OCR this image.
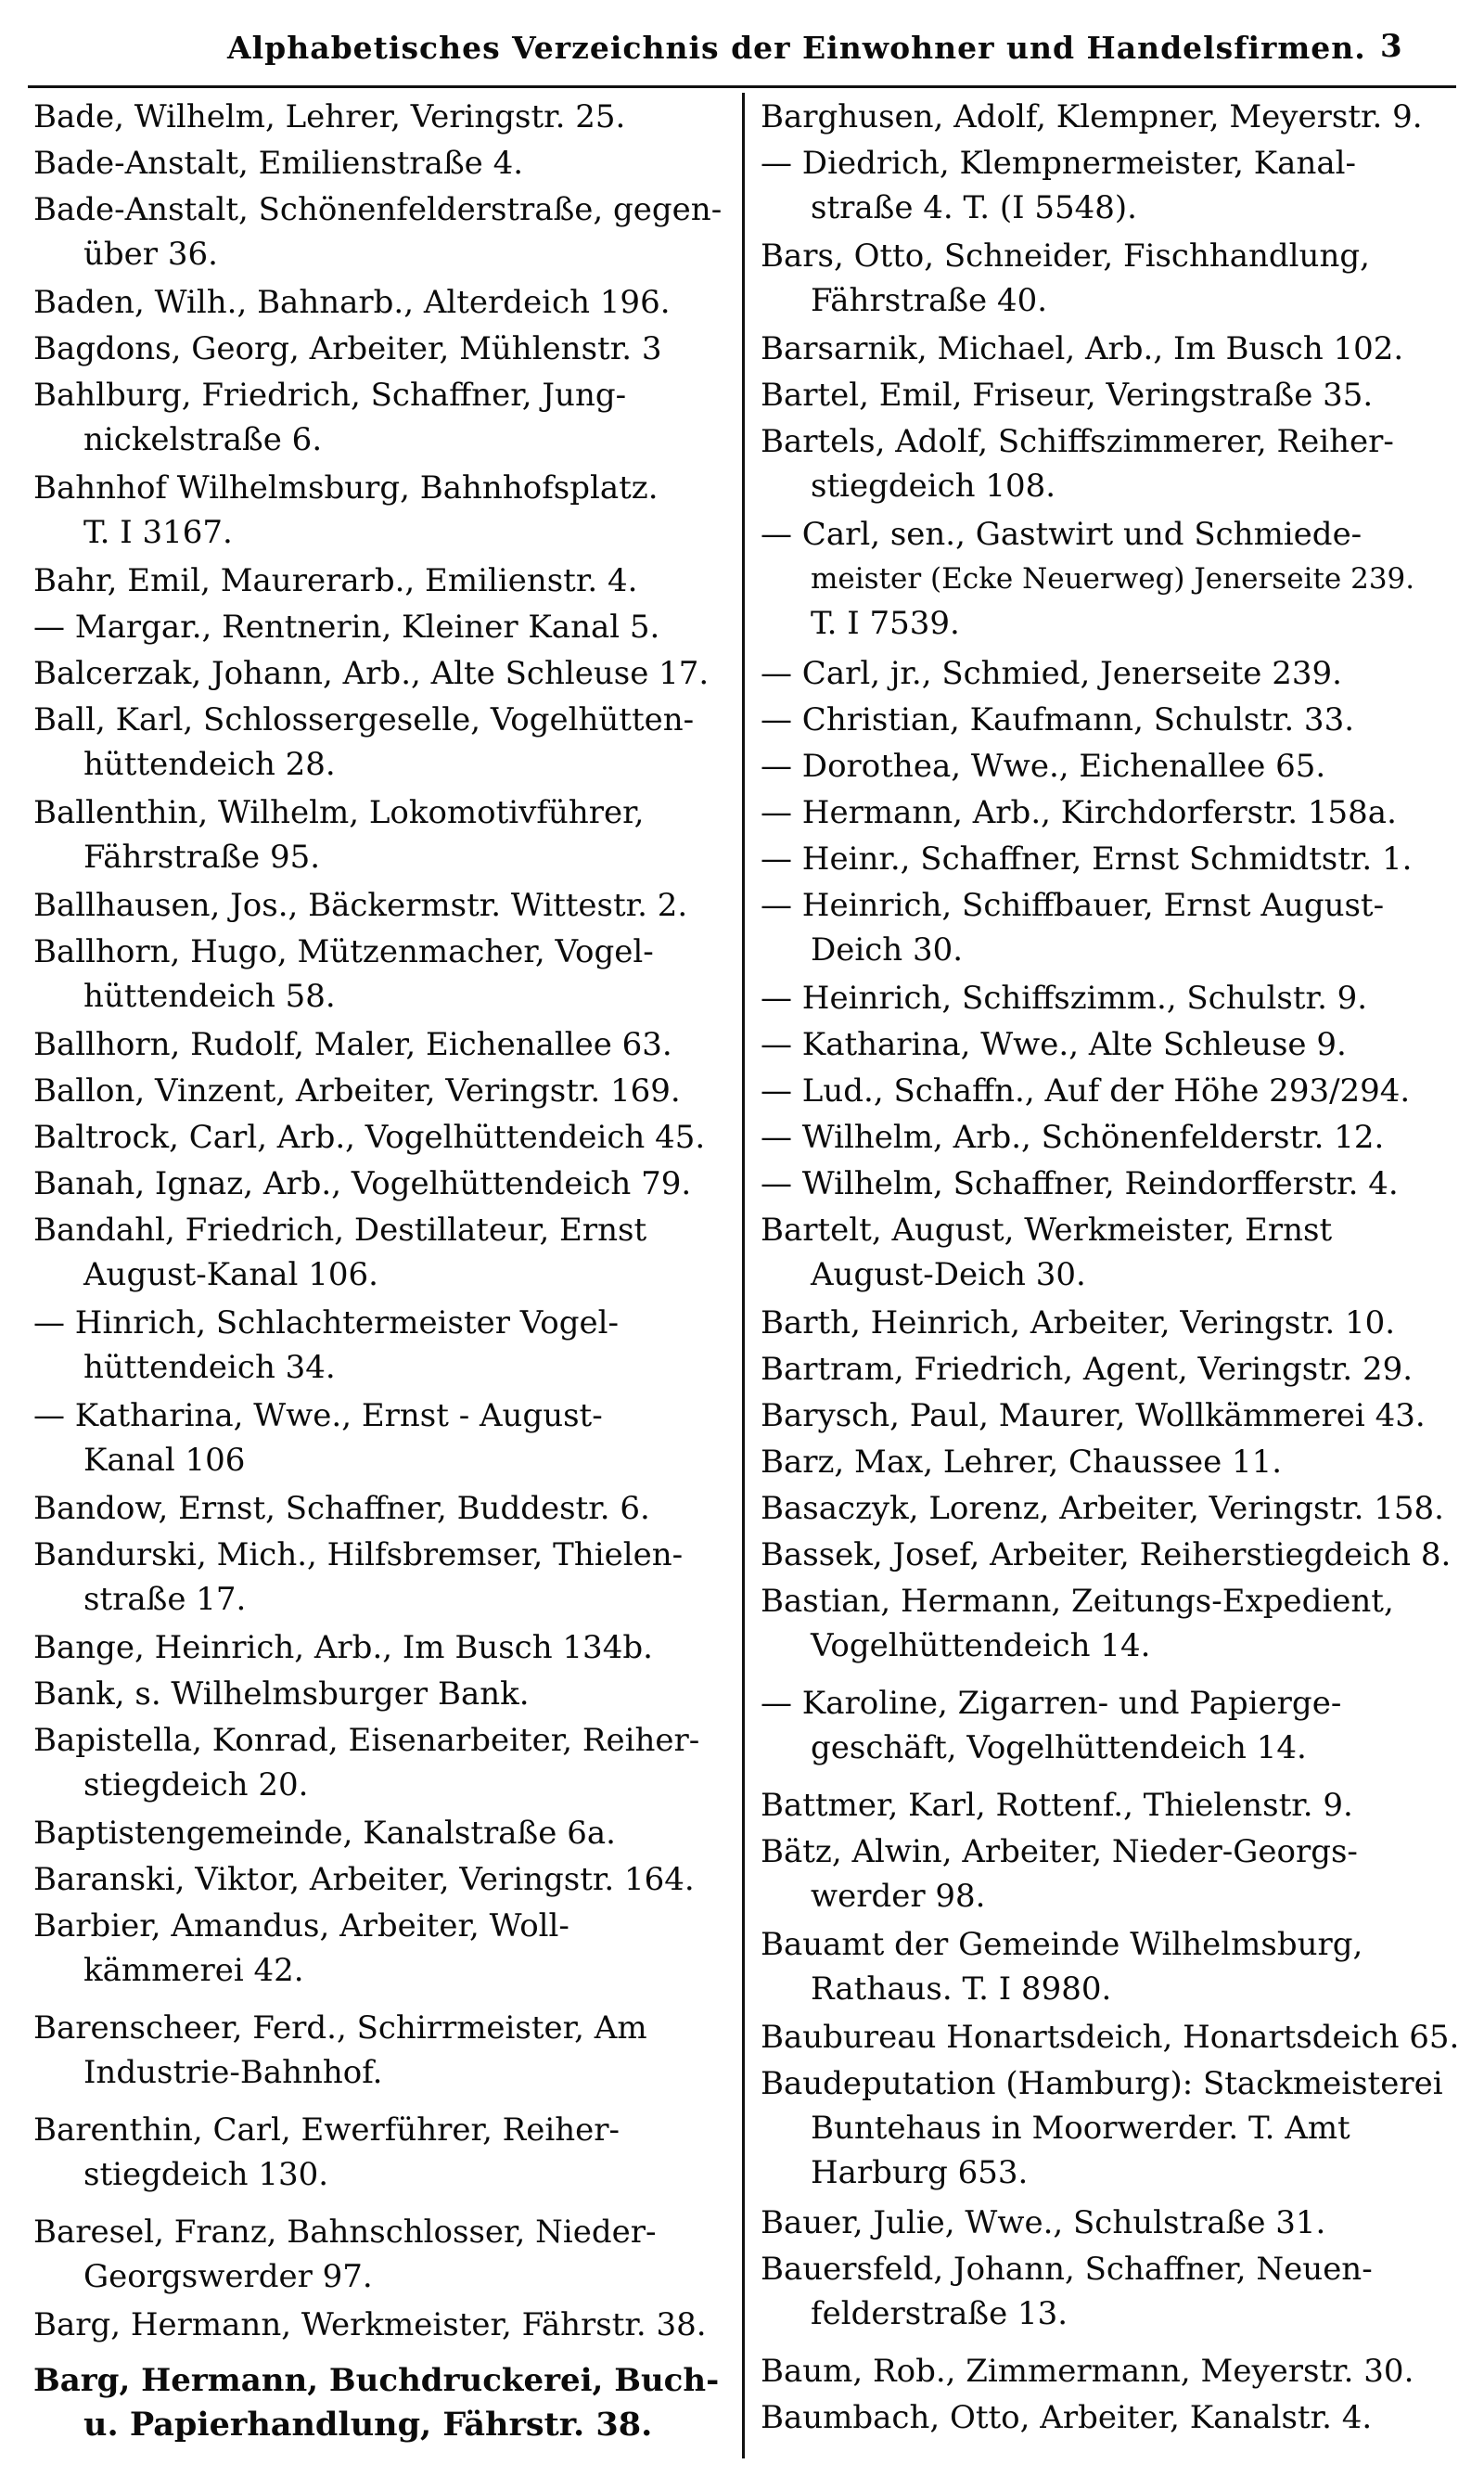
Alphabetisches Verzeichnis der Einwohner und Handelsfirmen. 3
Bade, Wilhelm, Lehrer, Veringstr. 25.
Bade-Anstalt, Emilienstraße 4.
Bade-Anstalt, Schönenfelderstraße, gegen-
über 36.
Baden, Wilh., Bahnarb., Alterdeich 196.
Bagdons, Georg, Arbeiter, Mühlenstr. 3
Bahlburg, Friedrich, Schaffner, Jung-
nickelstraße 6.
Bahnhof Wilhelmsburg, Bahnhofsplatz.
T. I 3167.
Bahr, Emil, Maurerarb., Emilienstr. 4.
— Margar., Rentnerin, Kleiner Kanal 5.
Balcerzak, Johann, Arb., Alte Schleuse 17.
Ball, Karl, Schlossergeselle, Vogelhütten-
hüttendeich 28.
Ballenthin, Wilhelm, Lokomotivführer,
Fährstraße 95.
Ballhausen, Jos., Bäckermstr. Wittestr. 2.
Ballhorn, Hugo, Mützenmacher, Vogel-
hüttendeich 58.
Ballhorn, Rudolf, Maler, Eichenallee 63.
Ballon, Vinzent, Arbeiter, Veringstr. 169.
Baltrock, Carl, Arb., Vogelhüttendeich 45.
Banah, Ignaz, Arb., Vogelhüttendeich 79.
Bandahl, Friedrich, Destillateur, Ernst
August-Kanal 106.
— Hinrich, Schlachtermeister Vogel-
hüttendeich 34.
— Katharina, Wwe., Ernst - August-
Kanal 106
Bandow, Ernst, Schaffner, Buddestr. 6.
Bandurski, Mich., Hilfsbremser, Thielen-
straße 17.
Bange, Heinrich, Arb., Im Busch 134b.
Bank, s. Wilhelmsburger Bank.
Bapistella, Konrad, Eisenarbeiter, Reiher-
stiegdeich 20.
Baptistengemeinde, Kanalstraße 6a.
Baranski, Viktor, Arbeiter, Veringstr. 164.
Barbier, Amandus, Arbeiter, Woll-
kämmerei 42.
Barenscheer, Ferd., Schirrmeister, Am
Industrie-Bahnhof.
Barenthin, Carl, Ewerführer, Reiher-
stiegdeich 130.
Baresel, Franz, Bahnschlosser, Nieder-
Georgswerder 97.
Barg, Hermann, Werkmeister, Fährstr. 38.
Barg, Hermann, Buchdruckerei, Buch-
u. Papierhandlung, Fährstr. 38.
Barghusen, Adolf, Klempner, Meyerstr. 9.
— Diedrich, Klempnermeister, Kanal-
straße 4. T. (I 5548).
Bars, Otto, Schneider, Fischhandlung,
Fährstraße 40.
Barsarnik, Michael, Arb., Im Busch 102.
Bartel, Emil, Friseur, Veringstraße 35.
Bartels, Adolf, Schiffszimmerer, Reiher-
stiegdeich 108.
— Carl, sen., Gastwirt und Schmiede-
meister (Ecke Neuerweg) Jenerseite 239.
T. I 7539.
— Carl, jr., Schmied, Jenerseite 239.
— Christian, Kaufmann, Schulstr. 33.
— Dorothea, Wwe., Eichenallee 65.
— Hermann, Arb., Kirchdorferstr. 158a.
— Heinr., Schaffner, Ernst Schmidtstr. 1.
— Heinrich, Schiffbauer, Ernst August-
Deich 30.
— Heinrich, Schiffszimm., Schulstr. 9.
— Katharina, Wwe., Alte Schleuse 9.
— Lud., Schaffn., Auf der Höhe 293/294.
— Wilhelm, Arb., Schönenfelderstr. 12.
— Wilhelm, Schaffner, Reindorfferstr. 4.
Bartelt, August, Werkmeister, Ernst
August-Deich 30.
Barth, Heinrich, Arbeiter, Veringstr. 10.
Bartram, Friedrich, Agent, Veringstr. 29.
Barysch, Paul, Maurer, Wollkämmerei 43.
Barz, Max, Lehrer, Chaussee 11.
Basaczyk, Lorenz, Arbeiter, Veringstr. 158.
Bassek, Josef, Arbeiter, Reiherstiegdeich 8.
Bastian, Hermann, Zeitungs-Expedient,
Vogelhüttendeich 14.
— Karoline, Zigarren- und Papierge-
geschäft, Vogelhüttendeich 14.
Battmer, Karl, Rottenf., Thielenstr. 9.
Bätz, Alwin, Arbeiter, Nieder-Georgs-
werder 98.
Bauamt der Gemeinde Wilhelmsburg,
Rathaus. T. I 8980.
Baubureau Honartsdeich, Honartsdeich 65.
Baudeputation (Hamburg): Stackmeisterei
Buntehaus in Moorwerder. T. Amt
Harburg 653.
Bauer, Julie, Wwe., Schulstraße 31.
Bauersfeld, Johann, Schaffner, Neuen-
felderstraße 13.
Baum, Rob., Zimmermann, Meyerstr. 30.
Baumbach, Otto, Arbeiter, Kanalstr. 4.
